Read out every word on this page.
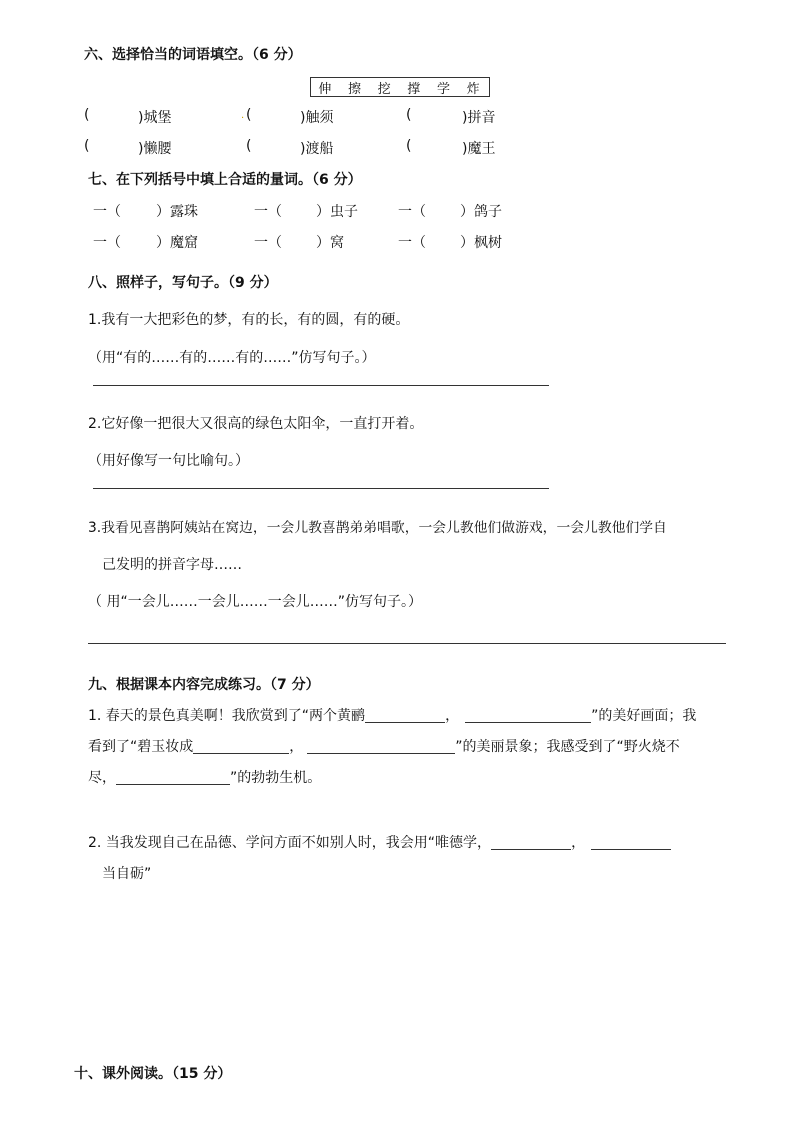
六、选择恰当的词语填空。（6 分）
伸 擦 挖 撑 学 炸
(	)城堡	. (	)触须	(	)拼音
(	)懒腰	(	)渡船	(	)魔王
七、在下列括号中填上合适的量词。（6 分）
一（	）露珠	一（ ）虫子	一（ ）鸽子
一（	）魔窟	一（ ）窝	一（ ）枫树
八、照样子，写句子。（9 分）
1.我有一大把彩色的梦，有的长，有的圆，有的硬。
（用“有的……有的……有的……”仿写句子。）
2.它好像一把很大又很高的绿色太阳伞，一直打开着。
（用好像写一句比喻句。）
3.我看见喜鹊阿姨站在窝边，一会儿教喜鹊弟弟唱歌，一会儿教他们做游戏，一会儿教他们学自
己发明的拼音字母……
（ 用“一会儿……一会儿……一会儿……”仿写句子。）
九、根据课本内容完成练习。（7 分）
1. 春天的景色真美啊！我欣赏到了“两个黄鹂	，	”的美好画面；我
看到了“碧玉妆成	，	”的美丽景象；我感受到了“野火烧不
尽，	”的勃勃生机。
2. 当我发现自己在品德、学问方面不如别人时，我会用“唯德学，	，
当自砺”
十、课外阅读。（15 分）
